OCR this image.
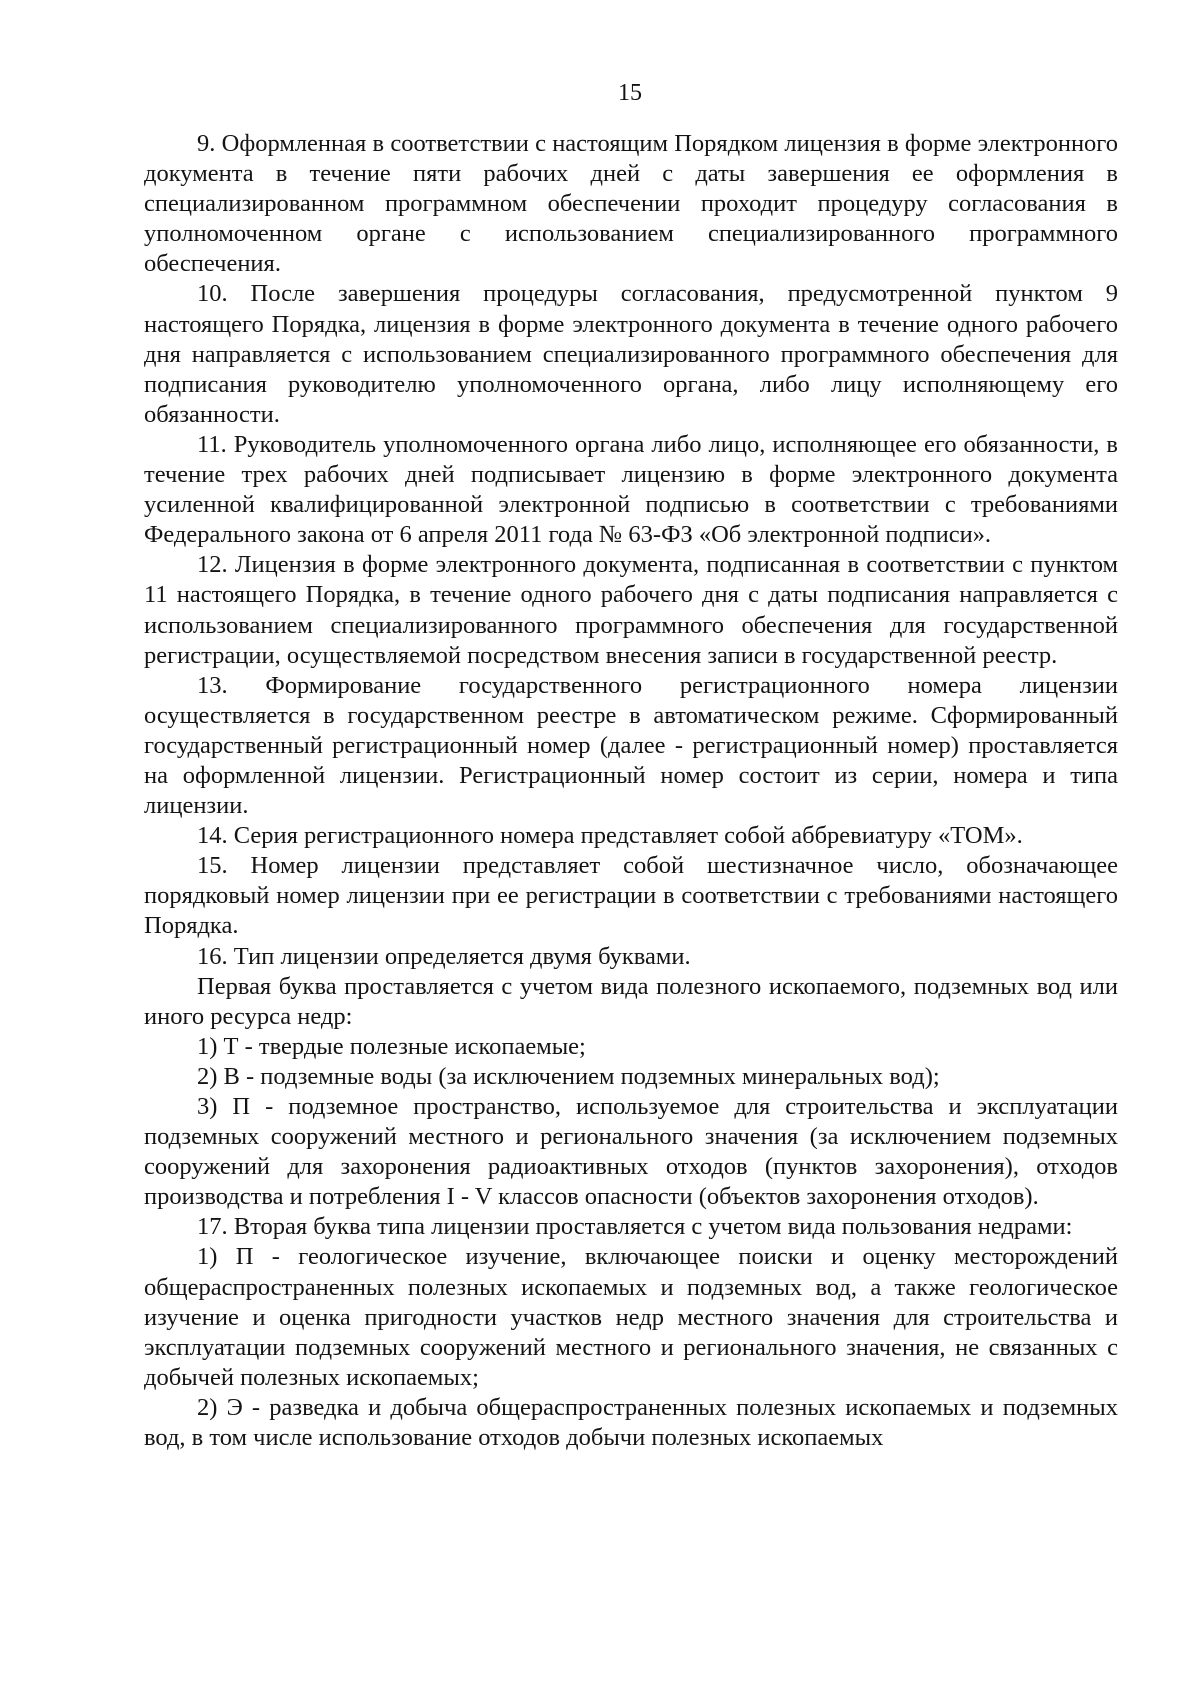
15

9. Оформленная в соответствии с настоящим Порядком лицензия в форме электронного документа в течение пяти рабочих дней с даты завершения ее оформления в специализированном программном обеспечении проходит процедуру согласования в уполномоченном органе с использованием специализированного программного обеспечения.

10. После завершения процедуры согласования, предусмотренной пунктом 9 настоящего Порядка, лицензия в форме электронного документа в течение одного рабочего дня направляется с использованием специализированного программного обеспечения для подписания руководителю уполномоченного органа, либо лицу исполняющему его обязанности.

11. Руководитель уполномоченного органа либо лицо, исполняющее его обязанности, в течение трех рабочих дней подписывает лицензию в форме электронного документа усиленной квалифицированной электронной подписью в соответствии с требованиями Федерального закона от 6 апреля 2011 года № 63-ФЗ «Об электронной подписи».

12. Лицензия в форме электронного документа, подписанная в соответствии с пунктом 11 настоящего Порядка, в течение одного рабочего дня с даты подписания направляется с использованием специализированного программного обеспечения для государственной регистрации, осуществляемой посредством внесения записи в государственной реестр.

13. Формирование государственного регистрационного номера лицензии осуществляется в государственном реестре в автоматическом режиме. Сформированный государственный регистрационный номер (далее - регистрационный номер) проставляется на оформленной лицензии. Регистрационный номер состоит из серии, номера и типа лицензии.

14. Серия регистрационного номера представляет собой аббревиатуру «ТОМ».

15. Номер лицензии представляет собой шестизначное число, обозначающее порядковый номер лицензии при ее регистрации в соответствии с требованиями настоящего Порядка.

16. Тип лицензии определяется двумя буквами.

Первая буква проставляется с учетом вида полезного ископаемого, подземных вод или иного ресурса недр:

1) Т - твердые полезные ископаемые;

2) В - подземные воды (за исключением подземных минеральных вод);

3) П - подземное пространство, используемое для строительства и эксплуатации подземных сооружений местного и регионального значения (за исключением подземных сооружений для захоронения радиоактивных отходов (пунктов захоронения), отходов производства и потребления I - V классов опасности (объектов захоронения отходов).

17. Вторая буква типа лицензии проставляется с учетом вида пользования недрами:

1) П - геологическое изучение, включающее поиски и оценку месторождений общераспространенных полезных ископаемых и подземных вод, а также геологическое изучение и оценка пригодности участков недр местного значения для строительства и эксплуатации подземных сооружений местного и регионального значения, не связанных с добычей полезных ископаемых;

2) Э - разведка и добыча общераспространенных полезных ископаемых и подземных вод, в том числе использование отходов добычи полезных ископаемых
